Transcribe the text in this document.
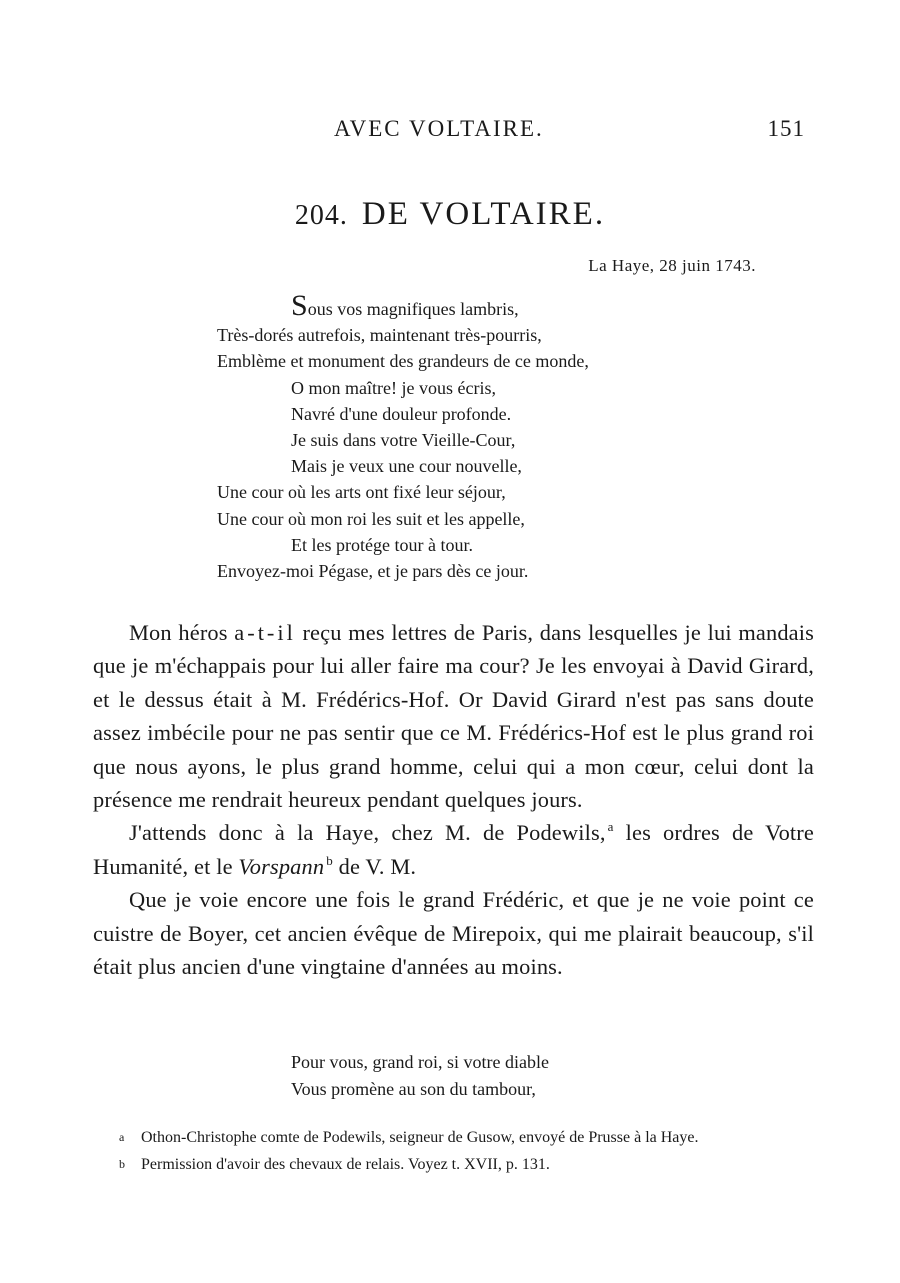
AVEC VOLTAIRE.	151
204. DE VOLTAIRE.
La Haye, 28 juin 1743.
Sous vos magnifiques lambris,
Très-dorés autrefois, maintenant très-pourris,
Emblème et monument des grandeurs de ce monde,
O mon maître! je vous écris,
Navré d'une douleur profonde.
Je suis dans votre Vieille-Cour,
Mais je veux une cour nouvelle,
Une cour où les arts ont fixé leur séjour,
Une cour où mon roi les suit et les appelle,
Et les protége tour à tour.
Envoyez-moi Pégase, et je pars dès ce jour.

Mon héros a-t-il reçu mes lettres de Paris, dans lesquelles je lui mandais que je m'échappais pour lui aller faire ma cour? Je les envoyai à David Girard, et le dessus était à M. Frédérics-Hof. Or David Girard n'est pas sans doute assez imbécile pour ne pas sentir que ce M. Frédérics-Hof est le plus grand roi que nous ayons, le plus grand homme, celui qui a mon cœur, celui dont la présence me rendrait heureux pendant quelques jours.

J'attends donc à la Haye, chez M. de Podewils, $^a$ les ordres de Votre Humanité, et le Vorspann $^b$ de V. M.

Que je voie encore une fois le grand Frédéric, et que je ne voie point ce cuistre de Boyer, cet ancien évêque de Mirepoix, qui me plairait beaucoup, s'il était plus ancien d'une vingtaine d'années au moins.

Pour vous, grand roi, si votre diable
Vous promène au son du tambour,
a Othon-Christophe comte de Podewils, seigneur de Gusow, envoyé de Prusse à la Haye.
b Permission d'avoir des chevaux de relais. Voyez t. XVII, p. 131.
